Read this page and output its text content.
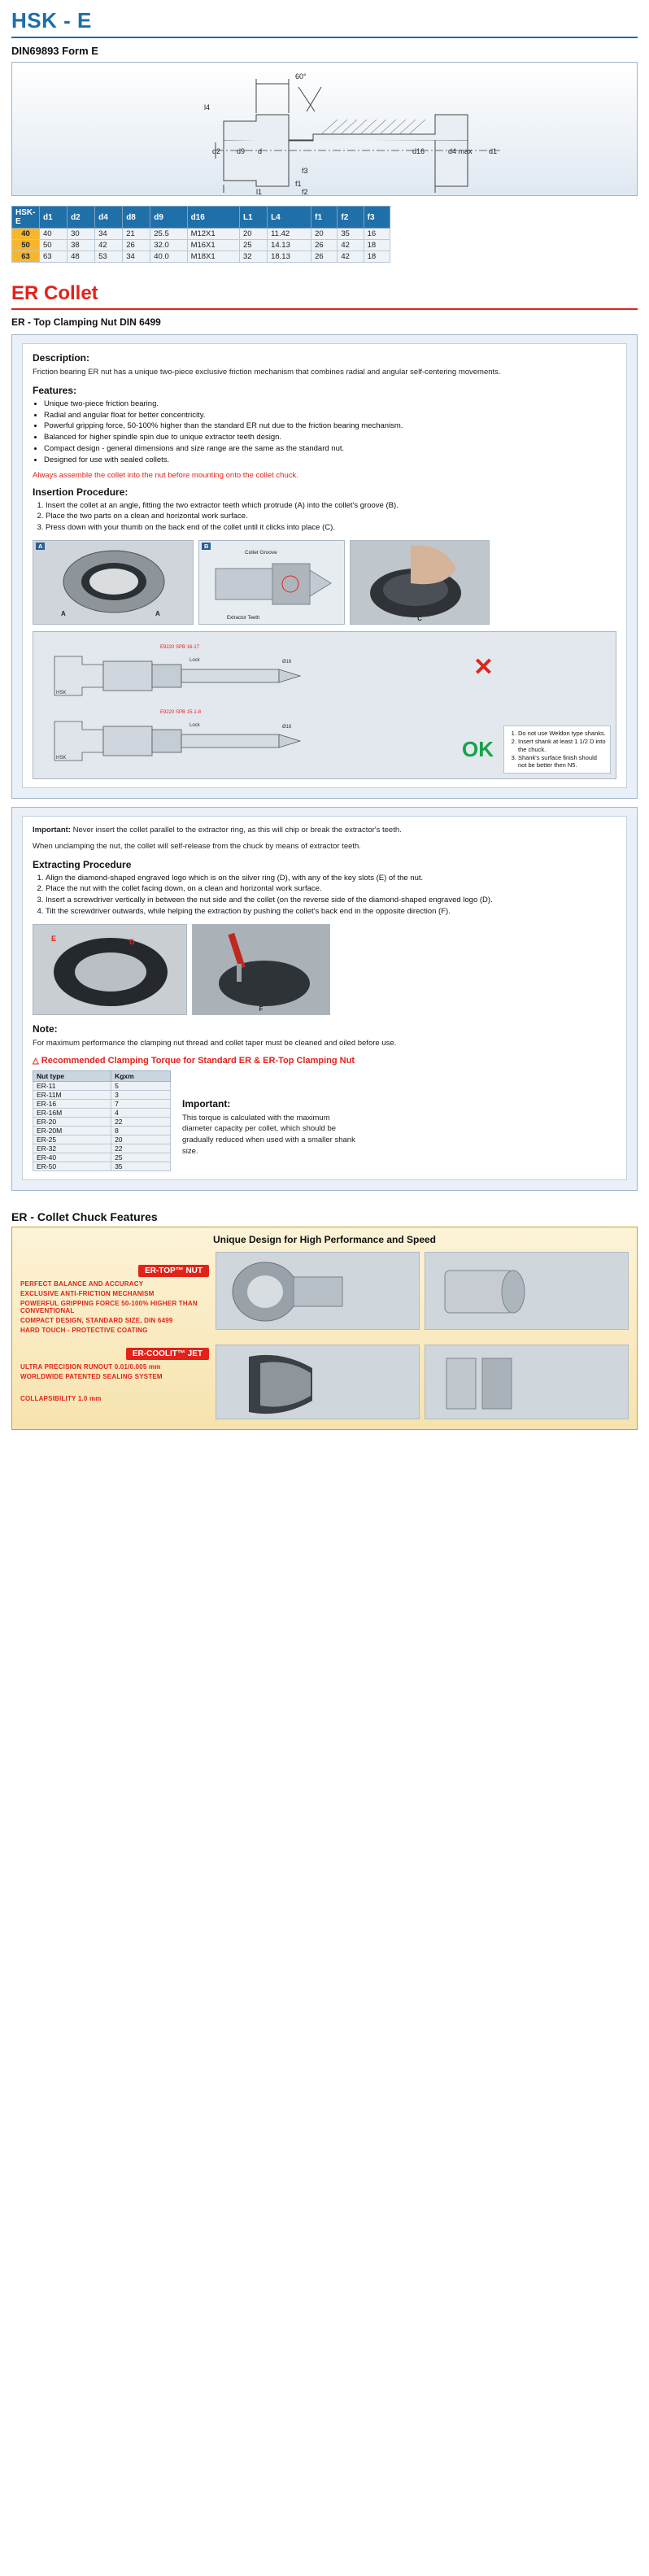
HSK - E
DIN69893 Form E
60°
l4
d2 d9 d	d16	d4 max d1
f3
f1
l1	f2
HSK-E	d1	d2	d4	d8	d9	d16	L1	L4	f1	f2	f3
40	40	30	34	21	25.5	M12X1	20	11.42	20	35	16
50	50	38	42	26	32.0	M16X1	25	14.13	26	42	18
63	63	48	53	34	40.0	M18X1	32	18.13	26	42	18
ER Collet
ER - Top Clamping Nut DIN 6499
Description:
Friction bearing ER nut has a unique two-piece exclusive friction mechanism that combines radial and angular self-centering movements.
Features:
• Unique two-piece friction bearing.
• Radial and angular float for better concentricity.
• Powerful gripping force, 50-100% higher than the standard ER nut due to the friction bearing mechanism.
• Balanced for higher spindle spin due to unique extractor teeth design.
• Compact design - general dimensions and size range are the same as the standard nut.
• Designed for use with sealed collets.
Always assemble the collet into the nut before mounting onto the collet chuck.
Insertion Procedure:
1. Insert the collet at an angle, fitting the two extractor teeth which protrude (A) into the collet's groove (B).
2. Place the two parts on a clean and horizontal work surface.
3. Press down with your thumb on the back end of the collet until it clicks into place (C).
A
A	A
B
Collet Groove
Extractor Teeth	C
E9220 SPB 16-17
E9220 SPB 15-1-8
Lock
Lock
HSK
HSK
Ø16
Ø16
✕
OK
1. Do not use Weldon type shanks.
2. Insert shank at least 1 1/2 D into the chuck.
3. Shank's surface finish should not be better then N5.
Important: Never insert the collet parallel to the extractor ring, as this will chip or break the extractor's teeth.
When unclamping the nut, the collet will self-release from the chuck by means of extractor teeth.
Extracting Procedure
1. Align the diamond-shaped engraved logo which is on the silver ring (D), with any of the key slots (E) of the nut.
2. Place the nut with the collet facing down, on a clean and horizontal work surface.
3. Insert a screwdriver vertically in between the nut side and the collet (on the reverse side of the diamond-shaped engraved logo (D).
4. Tilt the screwdriver outwards, while helping the extraction by pushing the collet's back end in the opposite direction (F).
E	D
F
Note:
For maximum performance the clamping nut thread and collet taper must be cleaned and oiled before use.
△ Recommended Clamping Torque for Standard ER & ER-Top Clamping Nut
Nut type	Kgxm
ER-11	5
ER-11M	3
ER-16	7
ER-16M	4
ER-20	22
ER-20M	8
ER-25	20
ER-32	22
ER-40	25
ER-50	35
Important:
This torque is calculated with the maximum diameter capacity per collet, which should be gradually reduced when used with a smaller shank size.
ER - Collet Chuck Features
Unique Design for High Performance and Speed
ER-TOP™ NUT
PERFECT BALANCE AND ACCURACY
EXCLUSIVE ANTI-FRICTION MECHANISM
POWERFUL GRIPPING FORCE 50-100% HIGHER THAN CONVENTIONAL
COMPACT DESIGN, STANDARD SIZE, DIN 6499
HARD TOUCH - PROTECTIVE COATING
ER-COOLIT™ JET
ULTRA PRECISION RUNOUT 0.01/0.005 mm
WORLDWIDE PATENTED SEALING SYSTEM
COLLAPSIBILITY 1.0 mm
